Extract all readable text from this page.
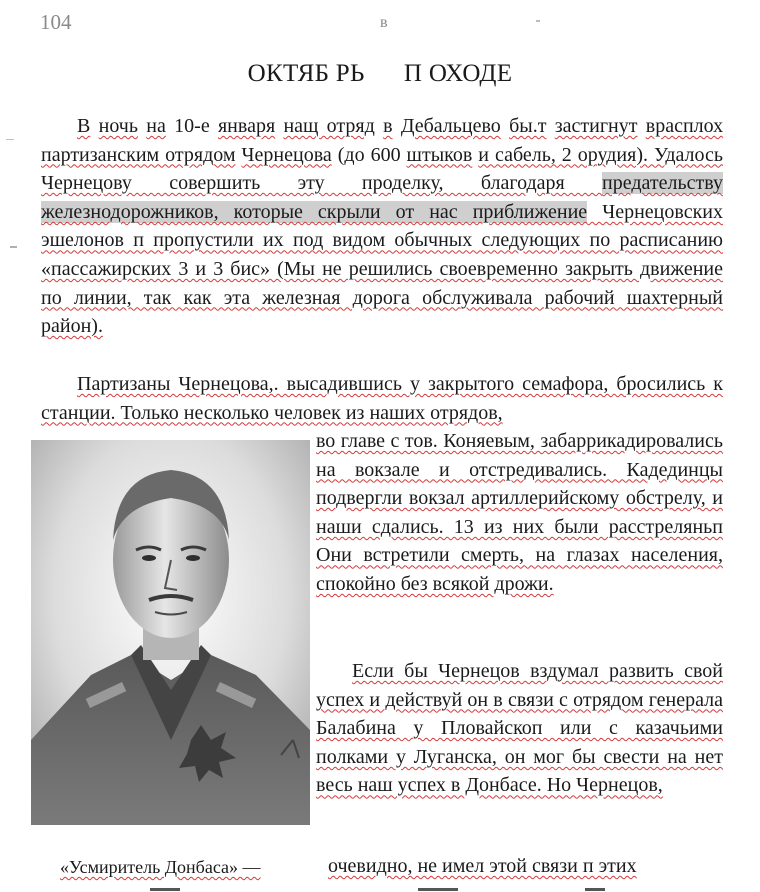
104	в
ОКТЯБ РЬ      П ОХОДЕ
В ночь на 10-е января нащ отряд в Дебальцево бы.т застигнут врасплох партизанским отрядом Чернецова (до 600 штыков и сабель, 2 орудия). Удалось Чернецову совершить эту проделку, благодаря предательству железнодорожников, которые скрыли от нас приближение Чернецовских эшелонов п пропустили их под видом обычных следующих по расписанию «пассажирских 3 и 3 бис» (Мы не решились своевременно закрыть движение по линии, так как эта железная дорога обслуживала рабочий шахтерный район).
Партизаны Чернецова,. высадившись у закрытого семафора, бросились к станции. Только несколько человек из наших отрядов,
во главе с тов. Коняевым, забаррикадировались на вокзале и отстредивались. Кадединцы подвергли вокзал артиллерийскому обстрелу, и наши сдались. 13 из них были расстреляньп Они встретили смерть, на глазах населения, спокойно без всякой дрожи.
Если бы Чернецов вздумал развить свой успех и действуй он в связи с отрядом генерала Балабина у Пловайскоп или с казачьими полками у Луганска, он мог бы свести на нет весь наш успех в Донбасе. Но Чернецов,
«Усмиритель Донбаса» —	очевидно, не имел этой связи п этих
